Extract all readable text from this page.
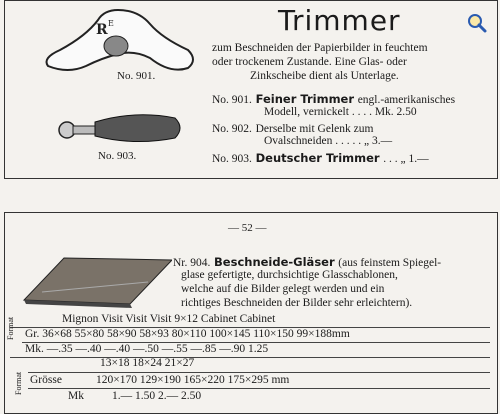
R E
No. 901.
No. 903.
Trimmer
zum Beschneiden der Papierbilder in feuchtem
oder trockenem Zustande. Eine Glas- oder
Zinkscheibe dient als Unterlage.
No. 901. Feiner Trimmer engl.-amerikanisches
Modell, vernickelt . . . . Mk. 2.50
No. 902. Derselbe mit Gelenk zum
Ovalschneiden . . . . . „ 3.—
No. 903. Deutscher Trimmer . . . „ 1.—
— 52 —
Nr. 904. Beschneide-Gläser (aus feinstem Spiegel-
glase gefertigte, durchsichtige Glasschablonen,
welche auf die Bilder gelegt werden und ein
richtiges Beschneiden der Bilder sehr erleichtern).
Mignon Visit Visit Visit 9×12 Cabinet Cabinet
Format Gr. 36×68 55×80 58×90 58×93 80×110 100×145 110×150 99×188mm
Mk. —.35 —.40 —.40 —.50 —.55 —.85 —.90 1.25
13×18 18×24 21×27
Format Grösse	120×170 129×190 165×220 175×295 mm
Mk 1.— 1.50 2.— 2.50
